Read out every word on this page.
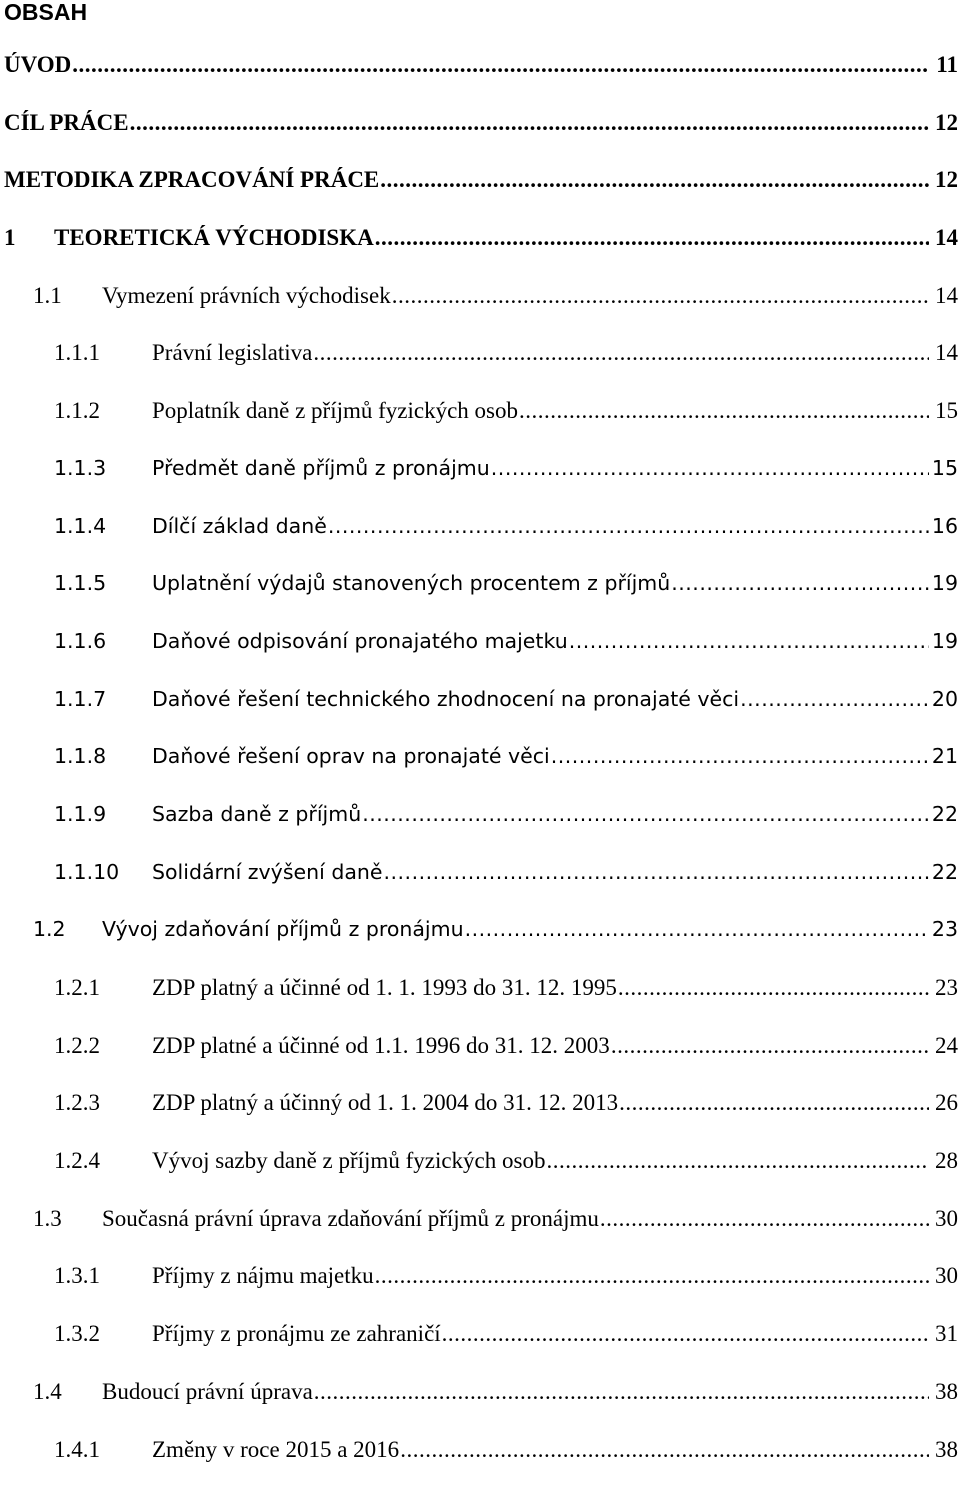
OBSAH
ÚVOD .....	11
CÍL PRÁCE .....	12
METODIKA ZPRACOVÁNÍ PRÁCE .....	12
1	TEORETICKÁ VÝCHODISKA .....	14
1.1	Vymezení právních východisek .....	14
1.1.1	Právní legislativa .....	14
1.1.2	Poplatník daně z příjmů fyzických osob .....	15
1.1.3	Předmět daně příjmů z pronájmu .....	15
1.1.4	Dílčí základ daně .....	16
1.1.5	Uplatnění výdajů stanovených procentem z příjmů .....	19
1.1.6	Daňové odpisování pronajatého majetku .....	19
1.1.7	Daňové řešení technického zhodnocení na pronajaté věci .....	20
1.1.8	Daňové řešení oprav na pronajaté věci .....	21
1.1.9	Sazba daně z příjmů .....	22
1.1.10	Solidární zvýšení daně .....	22
1.2	Vývoj zdaňování příjmů z pronájmu .....	23
1.2.1	ZDP platný a účinné od 1. 1. 1993 do 31. 12. 1995 .....	23
1.2.2	ZDP platné a účinné od 1.1. 1996 do 31. 12. 2003 .....	24
1.2.3	ZDP platný a účinný od 1. 1. 2004 do 31. 12. 2013 .....	26
1.2.4	Vývoj sazby daně z příjmů fyzických osob .....	28
1.3	Současná právní úprava zdaňování příjmů z pronájmu .....	30
1.3.1	Příjmy z nájmu majetku .....	30
1.3.2	Příjmy z pronájmu ze zahraničí .....	31
1.4	Budoucí právní úprava .....	38
1.4.1	Změny v roce 2015 a 2016 .....	38
